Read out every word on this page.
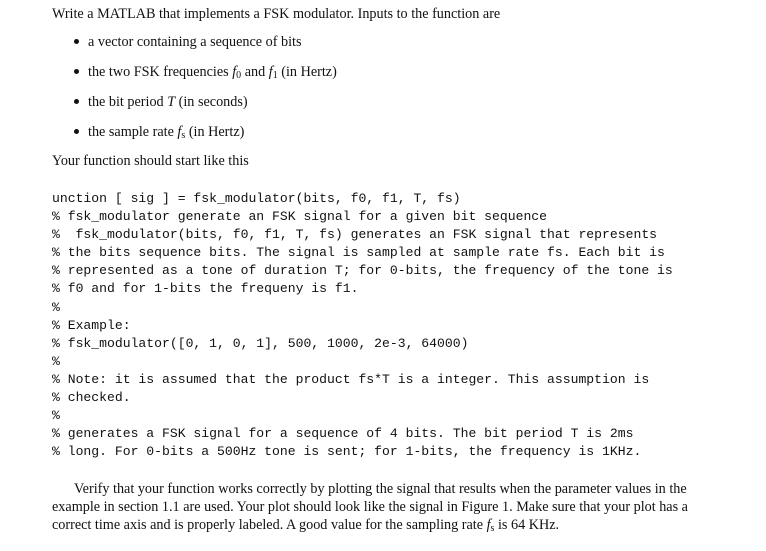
Write a MATLAB that implements a FSK modulator. Inputs to the function are
a vector containing a sequence of bits
the two FSK frequencies $f_0$ and $f_1$ (in Hertz)
the bit period T (in seconds)
the sample rate $f_s$ (in Hertz)
Your function should start like this
unction [ sig ] = fsk_modulator(bits, f0, f1, T, fs)
% fsk_modulator generate an FSK signal for a given bit sequence
%  fsk_modulator(bits, f0, f1, T, fs) generates an FSK signal that represents
% the bits sequence bits. The signal is sampled at sample rate fs. Each bit is
% represented as a tone of duration T; for 0-bits, the frequency of the tone is
% f0 and for 1-bits the frequeny is f1.
%
% Example:
% fsk_modulator([0, 1, 0, 1], 500, 1000, 2e-3, 64000)
%
% Note: it is assumed that the product fs*T is a integer. This assumption is
% checked.
%
% generates a FSK signal for a sequence of 4 bits. The bit period T is 2ms
% long. For 0-bits a 500Hz tone is sent; for 1-bits, the frequency is 1KHz.
Verify that your function works correctly by plotting the signal that results when the parameter values in the example in section 1.1 are used. Your plot should look like the signal in Figure 1. Make sure that your plot has a correct time axis and is properly labeled. A good value for the sampling rate $f_s$ is 64 KHz.
